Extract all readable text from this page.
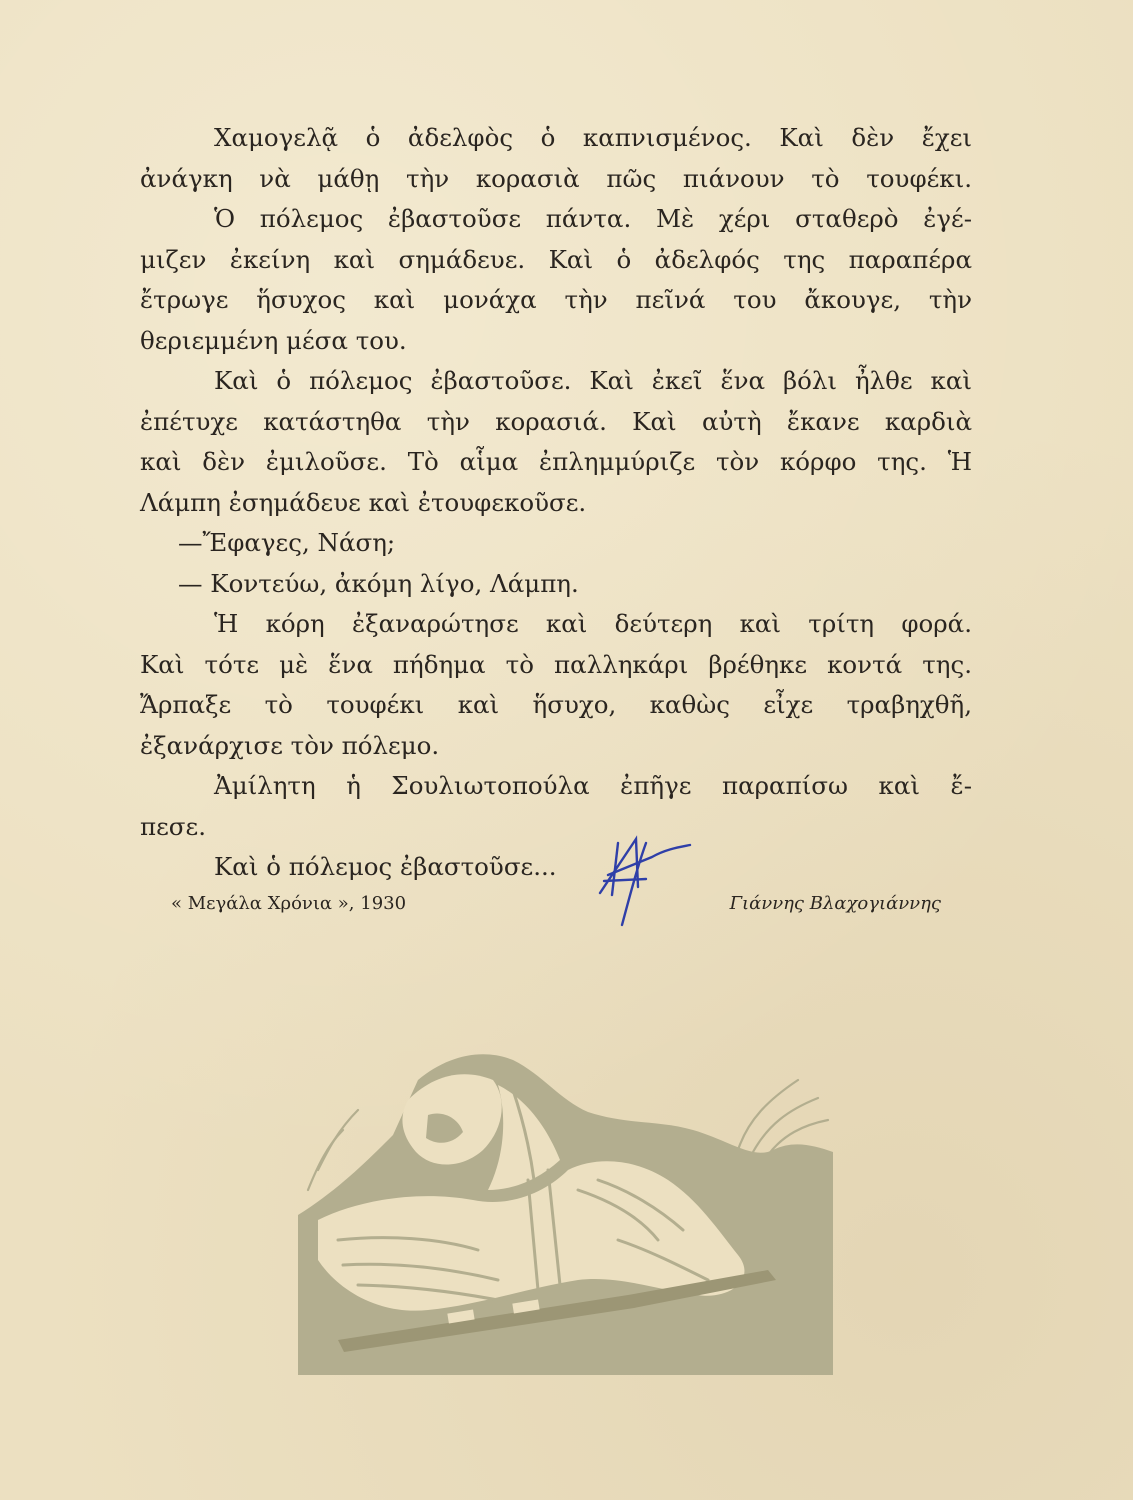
Χαμογελᾷ ὁ ἀδελφὸς ὁ καπνισμένος. Καὶ δὲν ἔχει
ἀνάγκη νὰ μάθῃ τὴν κορασιὰ πῶς πιάνουν τὸ τουφέκι.
Ὁ πόλεμος ἐβαστοῦσε πάντα. Μὲ χέρι σταθερὸ ἐγέ-
μιζεν ἐκείνη καὶ σημάδευε. Καὶ ὁ ἀδελφός της παραπέρα
ἔτρωγε ἥσυχος καὶ μονάχα τὴν πεῖνά του ἄκουγε, τὴν
θεριεμμένη μέσα του.
Καὶ ὁ πόλεμος ἐβαστοῦσε. Καὶ ἐκεῖ ἕνα βόλι ἦλθε καὶ
ἐπέτυχε κατάστηθα τὴν κορασιά. Καὶ αὐτὴ ἔκανε καρδιὰ
καὶ δὲν ἐμιλοῦσε. Τὸ αἷμα ἐπλημμύριζε τὸν κόρφο της. Ἡ
Λάμπη ἐσημάδευε καὶ ἐτουφεκοῦσε.
—Ἔφαγες, Νάση;
— Κοντεύω, ἀκόμη λίγο, Λάμπη.
Ἡ κόρη ἐξαναρώτησε καὶ δεύτερη καὶ τρίτη φορά.
Καὶ τότε μὲ ἕνα πήδημα τὸ παλληκάρι βρέθηκε κοντά της.
Ἄρπαξε τὸ τουφέκι καὶ ἥσυχο, καθὼς εἶχε τραβηχθῆ,
ἐξανάρχισε τὸν πόλεμο.
Ἀμίλητη ἡ Σουλιωτοπούλα ἐπῆγε παραπίσω καὶ ἔ-
πεσε.
Καὶ ὁ πόλεμος ἐβαστοῦσε...
« Μεγάλα Χρόνια », 1930	Γιάννης Βλαχογιάννης
